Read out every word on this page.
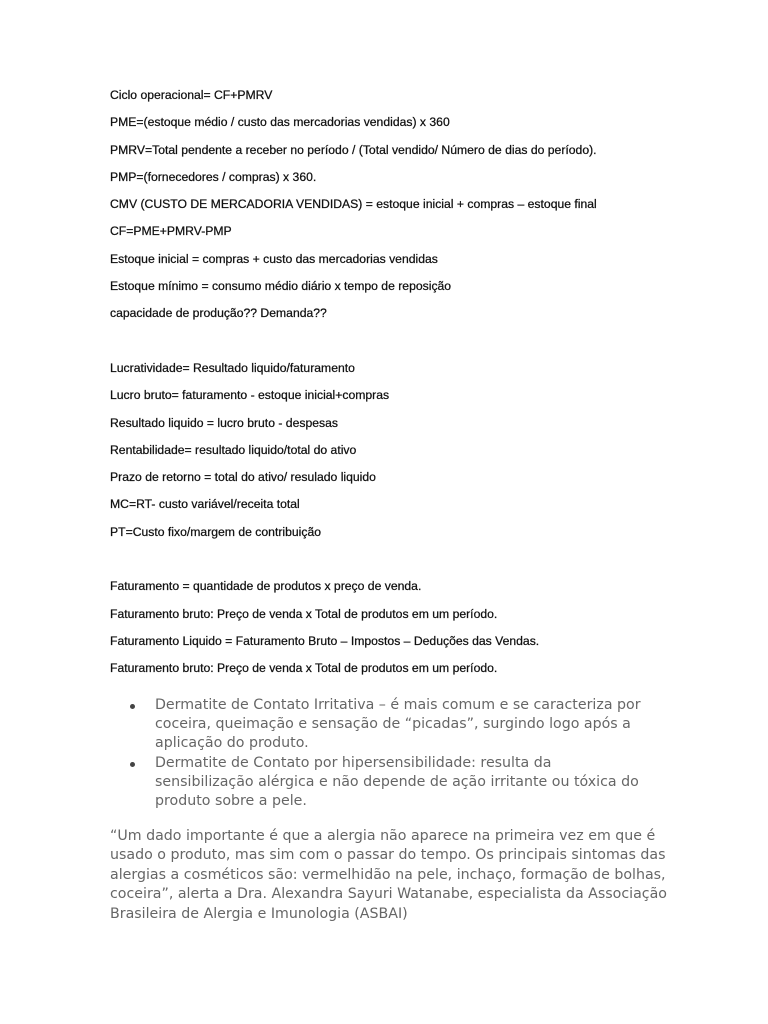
Ciclo operacional= CF+PMRV
PME=(estoque médio / custo das mercadorias vendidas) x 360
PMRV=Total pendente a receber no período / (Total vendido/ Número de dias do período).
PMP=(fornecedores / compras) x 360.
CMV (CUSTO DE MERCADORIA VENDIDAS) = estoque inicial + compras – estoque final
CF=PME+PMRV-PMP
Estoque inicial = compras + custo das mercadorias vendidas
Estoque mínimo = consumo médio diário x tempo de reposição
capacidade de produção?? Demanda??
Lucratividade= Resultado liquido/faturamento
Lucro bruto= faturamento - estoque inicial+compras
Resultado liquido = lucro bruto - despesas
Rentabilidade= resultado liquido/total do ativo
Prazo de retorno = total do ativo/ resulado liquido
MC=RT- custo variável/receita total
PT=Custo fixo/margem de contribuição
Faturamento = quantidade de produtos x preço de venda.
Faturamento bruto: Preço de venda x Total de produtos em um período.
Faturamento Liquido = Faturamento Bruto – Impostos – Deduções das Vendas.
Faturamento bruto: Preço de venda x Total de produtos em um período.
Dermatite de Contato Irritativa – é mais comum e se caracteriza por coceira, queimação e sensação de “picadas”, surgindo logo após a aplicação do produto.
Dermatite de Contato por hipersensibilidade: resulta da sensibilização alérgica e não depende de ação irritante ou tóxica do produto sobre a pele.

“Um dado importante é que a alergia não aparece na primeira vez em que é usado o produto, mas sim com o passar do tempo. Os principais sintomas das alergias a cosméticos são: vermelhidão na pele, inchaço, formação de bolhas, coceira”, alerta a Dra. Alexandra Sayuri Watanabe, especialista da Associação Brasileira de Alergia e Imunologia (ASBAI)
